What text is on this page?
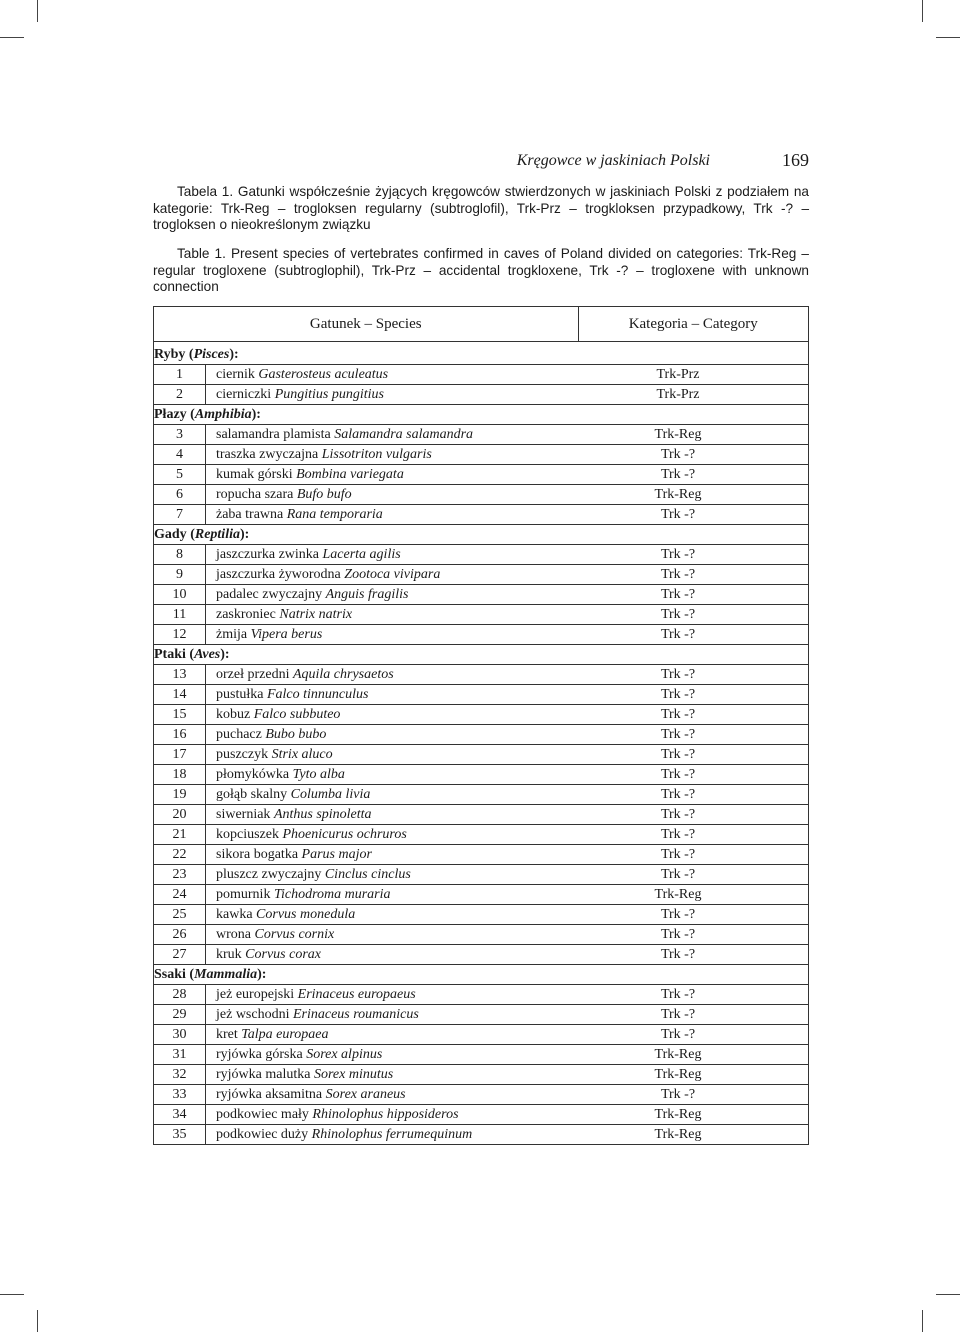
Kręgowce w jaskiniach Polski	169
Tabela 1. Gatunki współcześnie żyjących kręgowców stwierdzonych w jaskiniach Polski z podziałem na kategorie: Trk-Reg – trogloksen regularny (subtroglofil), Trk-Prz – trogkloksen przypadkowy, Trk -? – trogloksen o nieokreślonym związku
Table 1. Present species of vertebrates confirmed in caves of Poland divided on categories: Trk-Reg – regular trogloxene (subtroglophil), Trk-Prz – accidental trogkloxene, Trk -? – trogloxene with unknown connection
Gatunek – Species		Kategoria – Category

Ryby (Pisces):		
1	ciernik Gasterosteus aculeatus	Trk-Prz
2	cierniczki Pungitius pungitius	Trk-Prz
Płazy (Amphibia):		
3	salamandra plamista Salamandra salamandra	Trk-Reg
4	traszka zwyczajna Lissotriton vulgaris	Trk -?
5	kumak górski Bombina variegata	Trk -?
6	ropucha szara Bufo bufo	Trk-Reg
7	żaba trawna Rana temporaria	Trk -?
Gady (Reptilia):		
8	jaszczurka zwinka Lacerta agilis	Trk -?
9	jaszczurka żyworodna Zootoca vivipara	Trk -?
10	padalec zwyczajny Anguis fragilis	Trk -?
11	zaskroniec Natrix natrix	Trk -?
12	żmija Vipera berus	Trk -?
Ptaki (Aves):		
13	orzeł przedni Aquila chrysaetos	Trk -?
14	pustułka Falco tinnunculus	Trk -?
15	kobuz Falco subbuteo	Trk -?
16	puchacz Bubo bubo	Trk -?
17	puszczyk Strix aluco	Trk -?
18	płomykówka Tyto alba	Trk -?
19	gołąb skalny Columba livia	Trk -?
20	siwerniak Anthus spinoletta	Trk -?
21	kopciuszek Phoenicurus ochruros	Trk -?
22	sikora bogatka Parus major	Trk -?
23	pluszcz zwyczajny Cinclus cinclus	Trk -?
24	pomurnik Tichodroma muraria	Trk-Reg
25	kawka Corvus monedula	Trk -?
26	wrona Corvus cornix	Trk -?
27	kruk Corvus corax	Trk -?
Ssaki (Mammalia):		
28	jeż europejski Erinaceus europaeus	Trk -?
29	jeż wschodni Erinaceus roumanicus	Trk -?
30	kret Talpa europaea	Trk -?
31	ryjówka górska Sorex alpinus	Trk-Reg
32	ryjówka malutka Sorex minutus	Trk-Reg
33	ryjówka aksamitna Sorex araneus	Trk -?
34	podkowiec mały Rhinolophus hipposideros	Trk-Reg
35	podkowiec duży Rhinolophus ferrumequinum	Trk-Reg
